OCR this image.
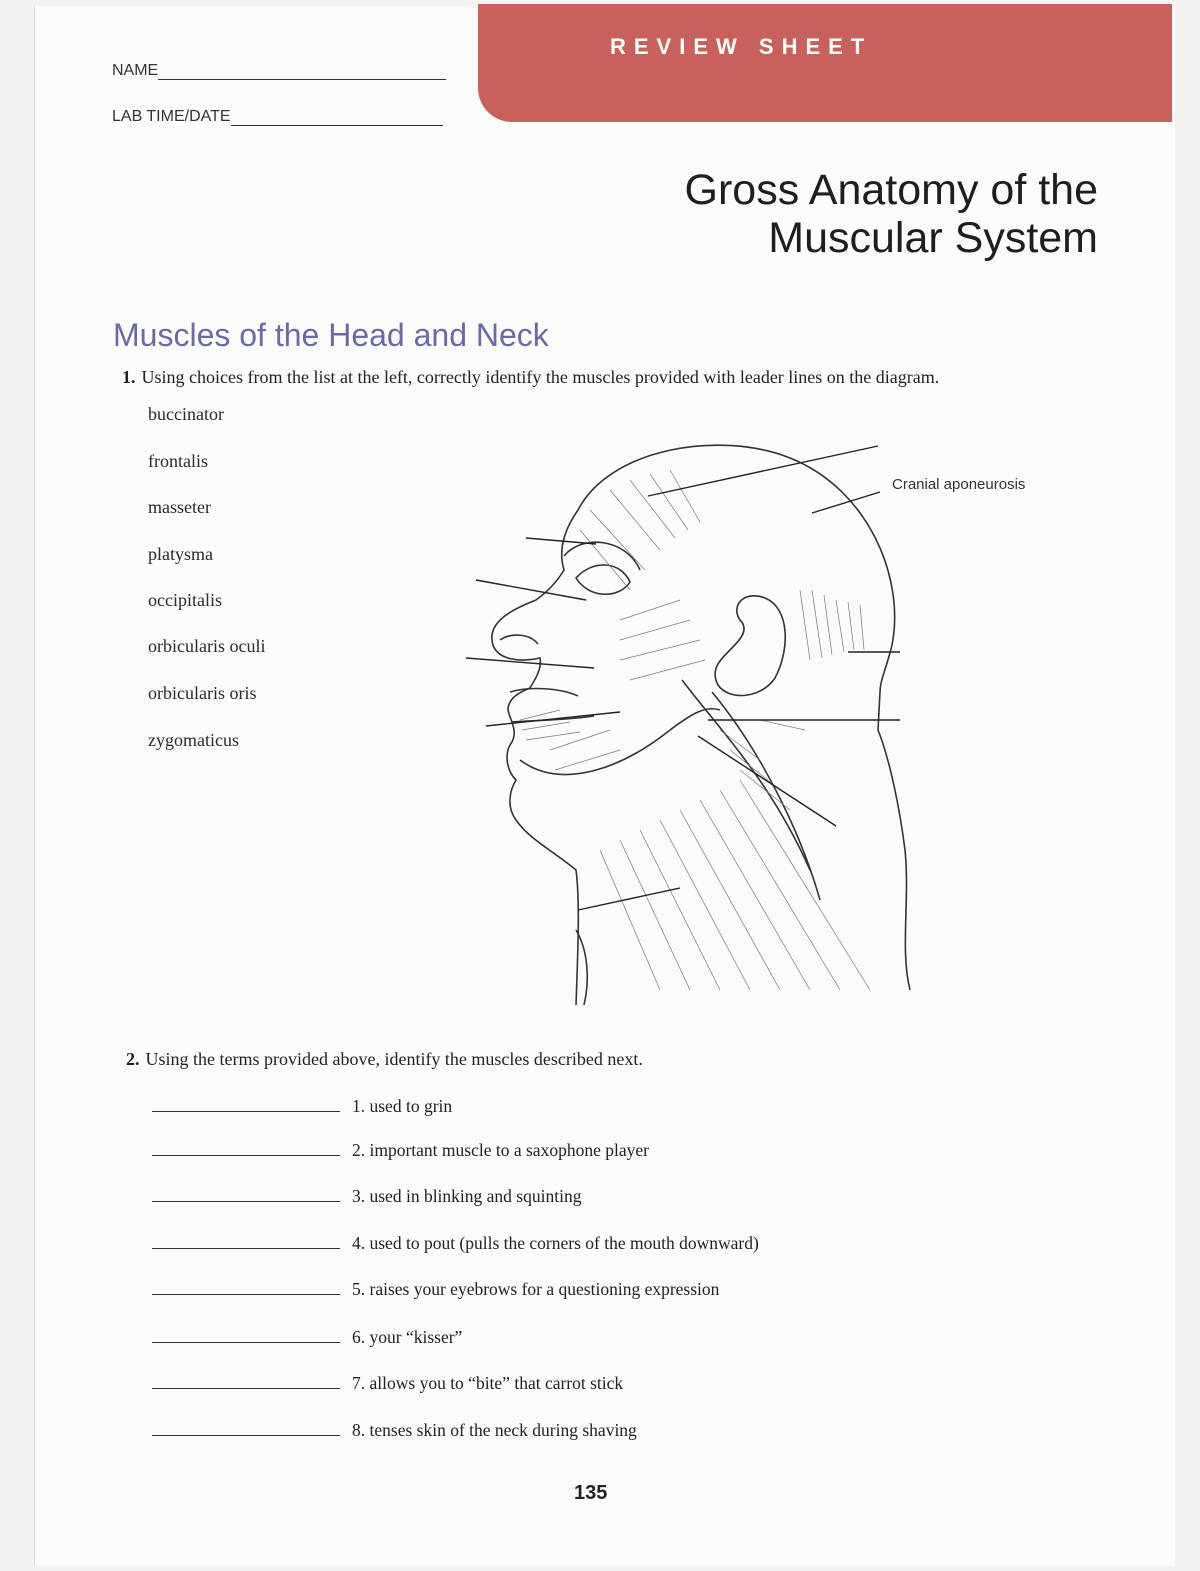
REVIEW SHEET
NAME
LAB TIME/DATE
Gross Anatomy of the
Muscular System
Muscles of the Head and Neck
1. Using choices from the list at the left, correctly identify the muscles provided with leader lines on the diagram.
buccinator
frontalis
masseter
platysma
occipitalis
orbicularis oculi
orbicularis oris
zygomaticus
Cranial aponeurosis
2. Using the terms provided above, identify the muscles described next.
1. used to grin
2. important muscle to a saxophone player
3. used in blinking and squinting
4. used to pout (pulls the corners of the mouth downward)
5. raises your eyebrows for a questioning expression
6. your “kisser”
7. allows you to “bite” that carrot stick
8. tenses skin of the neck during shaving
135
